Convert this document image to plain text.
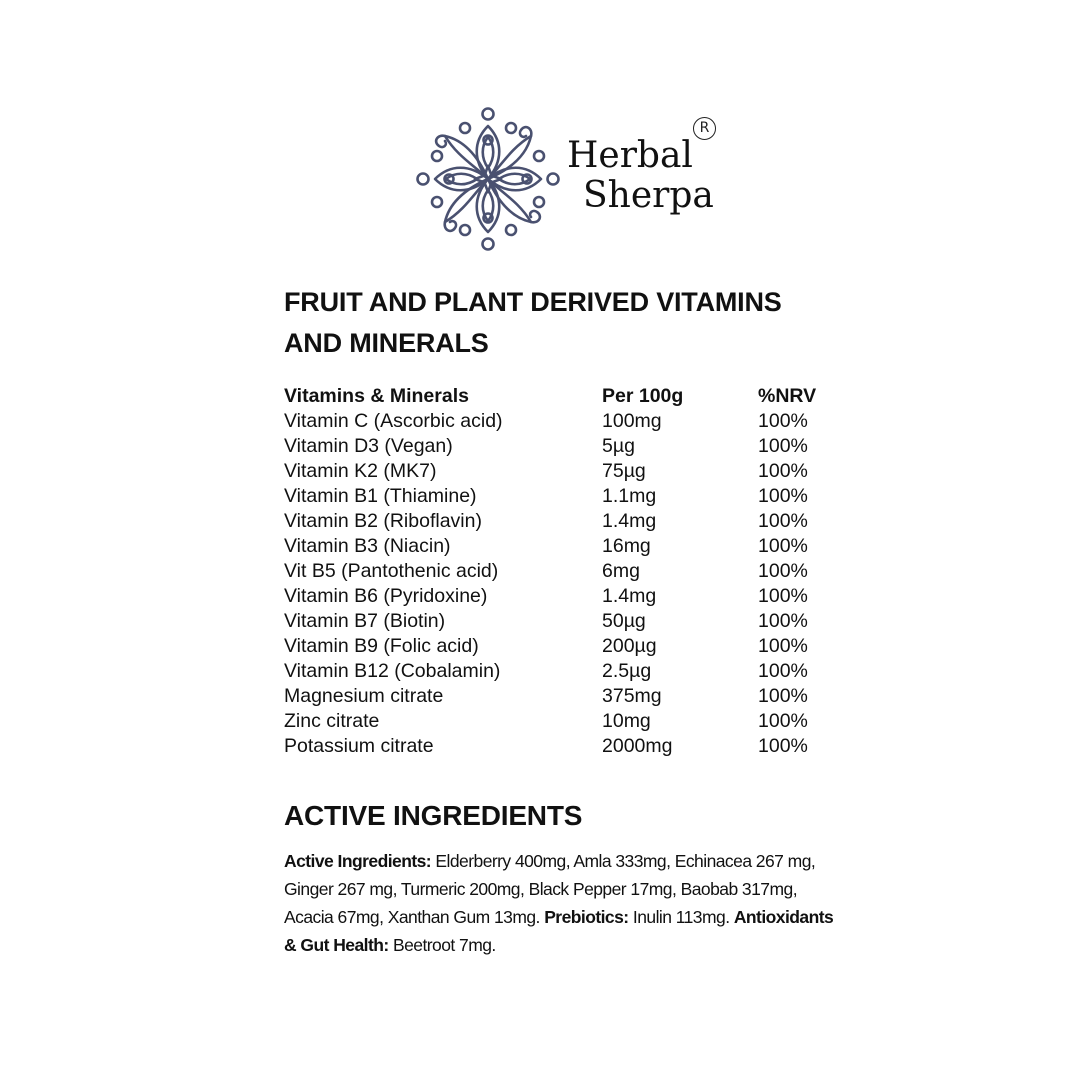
Herbal
Sherpa
R
FRUIT AND PLANT DERIVED VITAMINS AND MINERALS
Vitamins & Minerals	Per 100g	%NRV
Vitamin C (Ascorbic acid)	100mg	100%
Vitamin D3 (Vegan)	5µg	100%
Vitamin K2 (MK7)	75µg	100%
Vitamin B1 (Thiamine)	1.1mg	100%
Vitamin B2 (Riboflavin)	1.4mg	100%
Vitamin B3 (Niacin)	16mg	100%
Vit B5 (Pantothenic acid)	6mg	100%
Vitamin B6 (Pyridoxine)	1.4mg	100%
Vitamin B7 (Biotin)	50µg	100%
Vitamin B9 (Folic acid)	200µg	100%
Vitamin B12 (Cobalamin)	2.5µg	100%
Magnesium citrate	375mg	100%
Zinc citrate	10mg	100%
Potassium citrate	2000mg	100%
ACTIVE INGREDIENTS

Active Ingredients: Elderberry 400mg, Amla 333mg, Echinacea 267 mg, Ginger 267 mg, Turmeric 200mg, Black Pepper 17mg, Baobab 317mg, Acacia 67mg, Xanthan Gum 13mg. Prebiotics: Inulin 113mg. Antioxidants & Gut Health: Beetroot 7mg.
